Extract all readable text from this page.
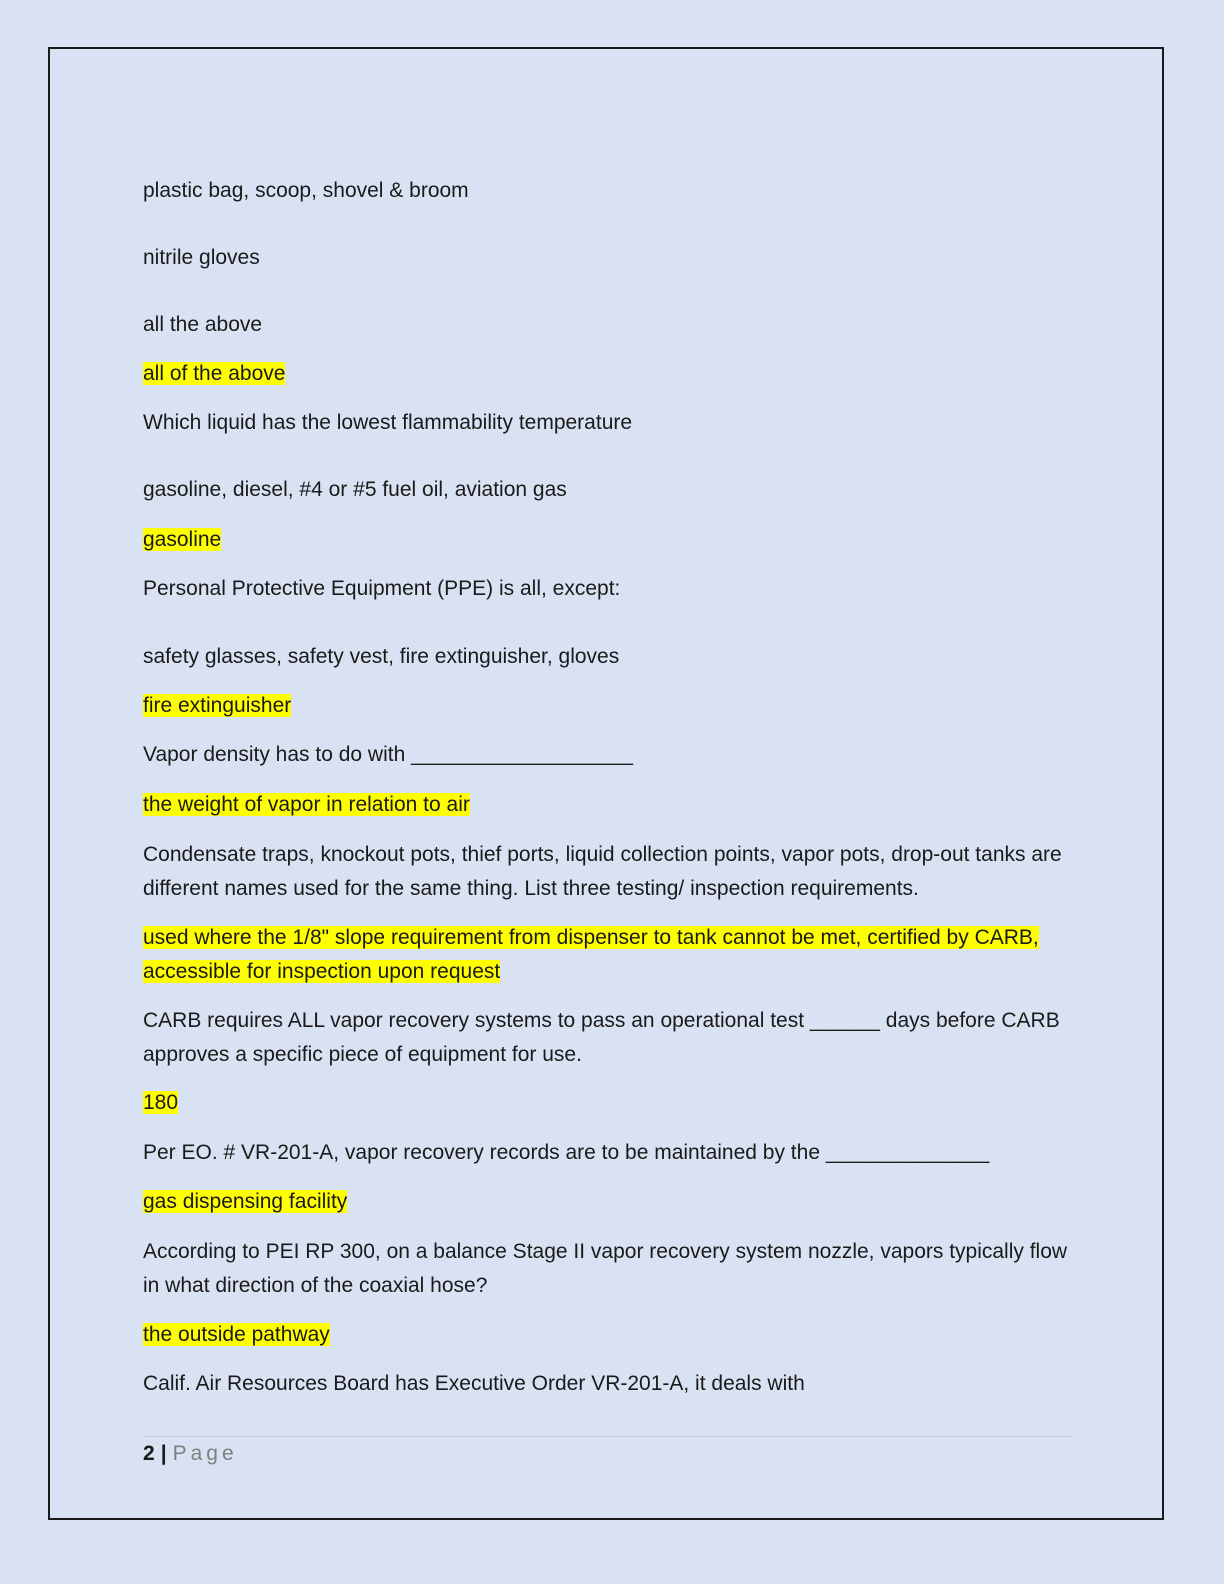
plastic bag, scoop, shovel & broom
nitrile gloves
all the above
all of the above
Which liquid has the lowest flammability temperature
gasoline, diesel, #4 or #5 fuel oil, aviation gas
gasoline
Personal Protective Equipment (PPE) is all, except:
safety glasses, safety vest, fire extinguisher, gloves
fire extinguisher
Vapor density has to do with ___________________
the weight of vapor in relation to air
Condensate traps, knockout pots, thief ports, liquid collection points, vapor pots, drop-out tanks are different names used for the same thing. List three testing/ inspection requirements.
used where the 1/8" slope requirement from dispenser to tank cannot be met, certified by CARB, accessible for inspection upon request
CARB requires ALL vapor recovery systems to pass an operational test ______ days before CARB approves a specific piece of equipment for use.
180
Per EO. # VR-201-A, vapor recovery records are to be maintained by the ______________
gas dispensing facility
According to PEI RP 300, on a balance Stage II vapor recovery system nozzle, vapors typically flow in what direction of the coaxial hose?
the outside pathway
Calif. Air Resources Board has Executive Order VR-201-A, it deals with
2 | Page
